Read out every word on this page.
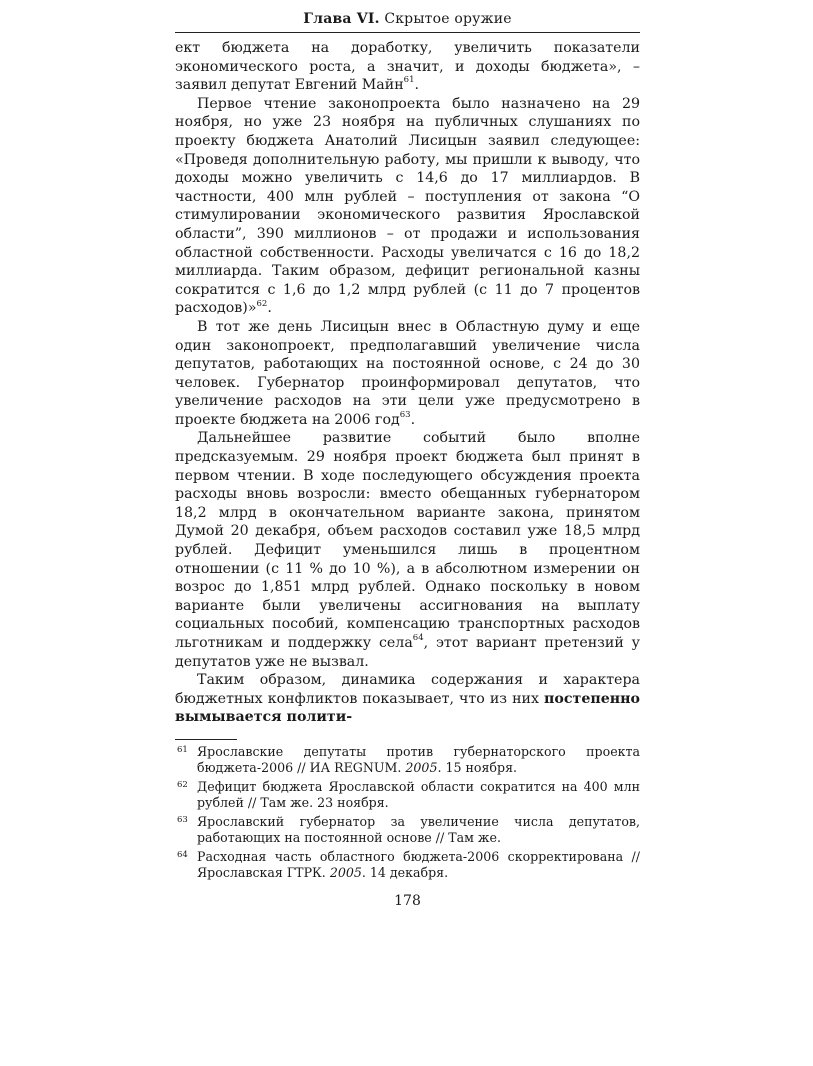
Глава VI. Скрытое оружие

ект бюджета на доработку, увеличить показатели экономического роста, а значит, и доходы бюджета», – заявил депутат Евгений Майн$^{61}$.

Первое чтение законопроекта было назначено на 29 ноября, но уже 23 ноября на публичных слушаниях по проекту бюджета Анатолий Лисицын заявил следующее: «Проведя дополнительную работу, мы пришли к выводу, что доходы можно увеличить с 14,6 до 17 миллиардов. В частности, 400 млн рублей – поступления от закона “О стимулировании экономического развития Ярославской области”, 390 миллионов – от продажи и использования областной собственности. Расходы увеличатся с 16 до 18,2 миллиарда. Таким образом, дефицит региональной казны сократится с 1,6 до 1,2 млрд рублей (с 11 до 7 процентов расходов)»$^{62}$.

В тот же день Лисицын внес в Областную думу и еще один законопроект, предполагавший увеличение числа депутатов, работающих на постоянной основе, с 24 до 30 человек. Губернатор проинформировал депутатов, что увеличение расходов на эти цели уже предусмотрено в проекте бюджета на 2006 год$^{63}$.

Дальнейшее развитие событий было вполне предсказуемым. 29 ноября проект бюджета был принят в первом чтении. В ходе последующего обсуждения проекта расходы вновь возросли: вместо обещанных губернатором 18,2 млрд в окончательном варианте закона, принятом Думой 20 декабря, объем расходов составил уже 18,5 млрд рублей. Дефицит уменьшился лишь в процентном отношении (с 11 % до 10 %), а в абсолютном измерении он возрос до 1,851 млрд рублей. Однако поскольку в новом варианте были увеличены ассигнования на выплату социальных пособий, компенсацию транспортных расходов льготникам и поддержку села$^{64}$, этот вариант претензий у депутатов уже не вызвал.

Таким образом, динамика содержания и характера бюджетных конфликтов показывает, что из них постепенно вымывается полити-

61 Ярославские депутаты против губернаторского проекта бюджета-2006 // ИА REGNUM. 2005. 15 ноября.
62 Дефицит бюджета Ярославской области сократится на 400 млн рублей // Там же. 23 ноября.
63 Ярославский губернатор за увеличение числа депутатов, работающих на постоянной основе // Там же.
64 Расходная часть областного бюджета-2006 скорректирована // Ярославская ГТРК. 2005. 14 декабря.
178
